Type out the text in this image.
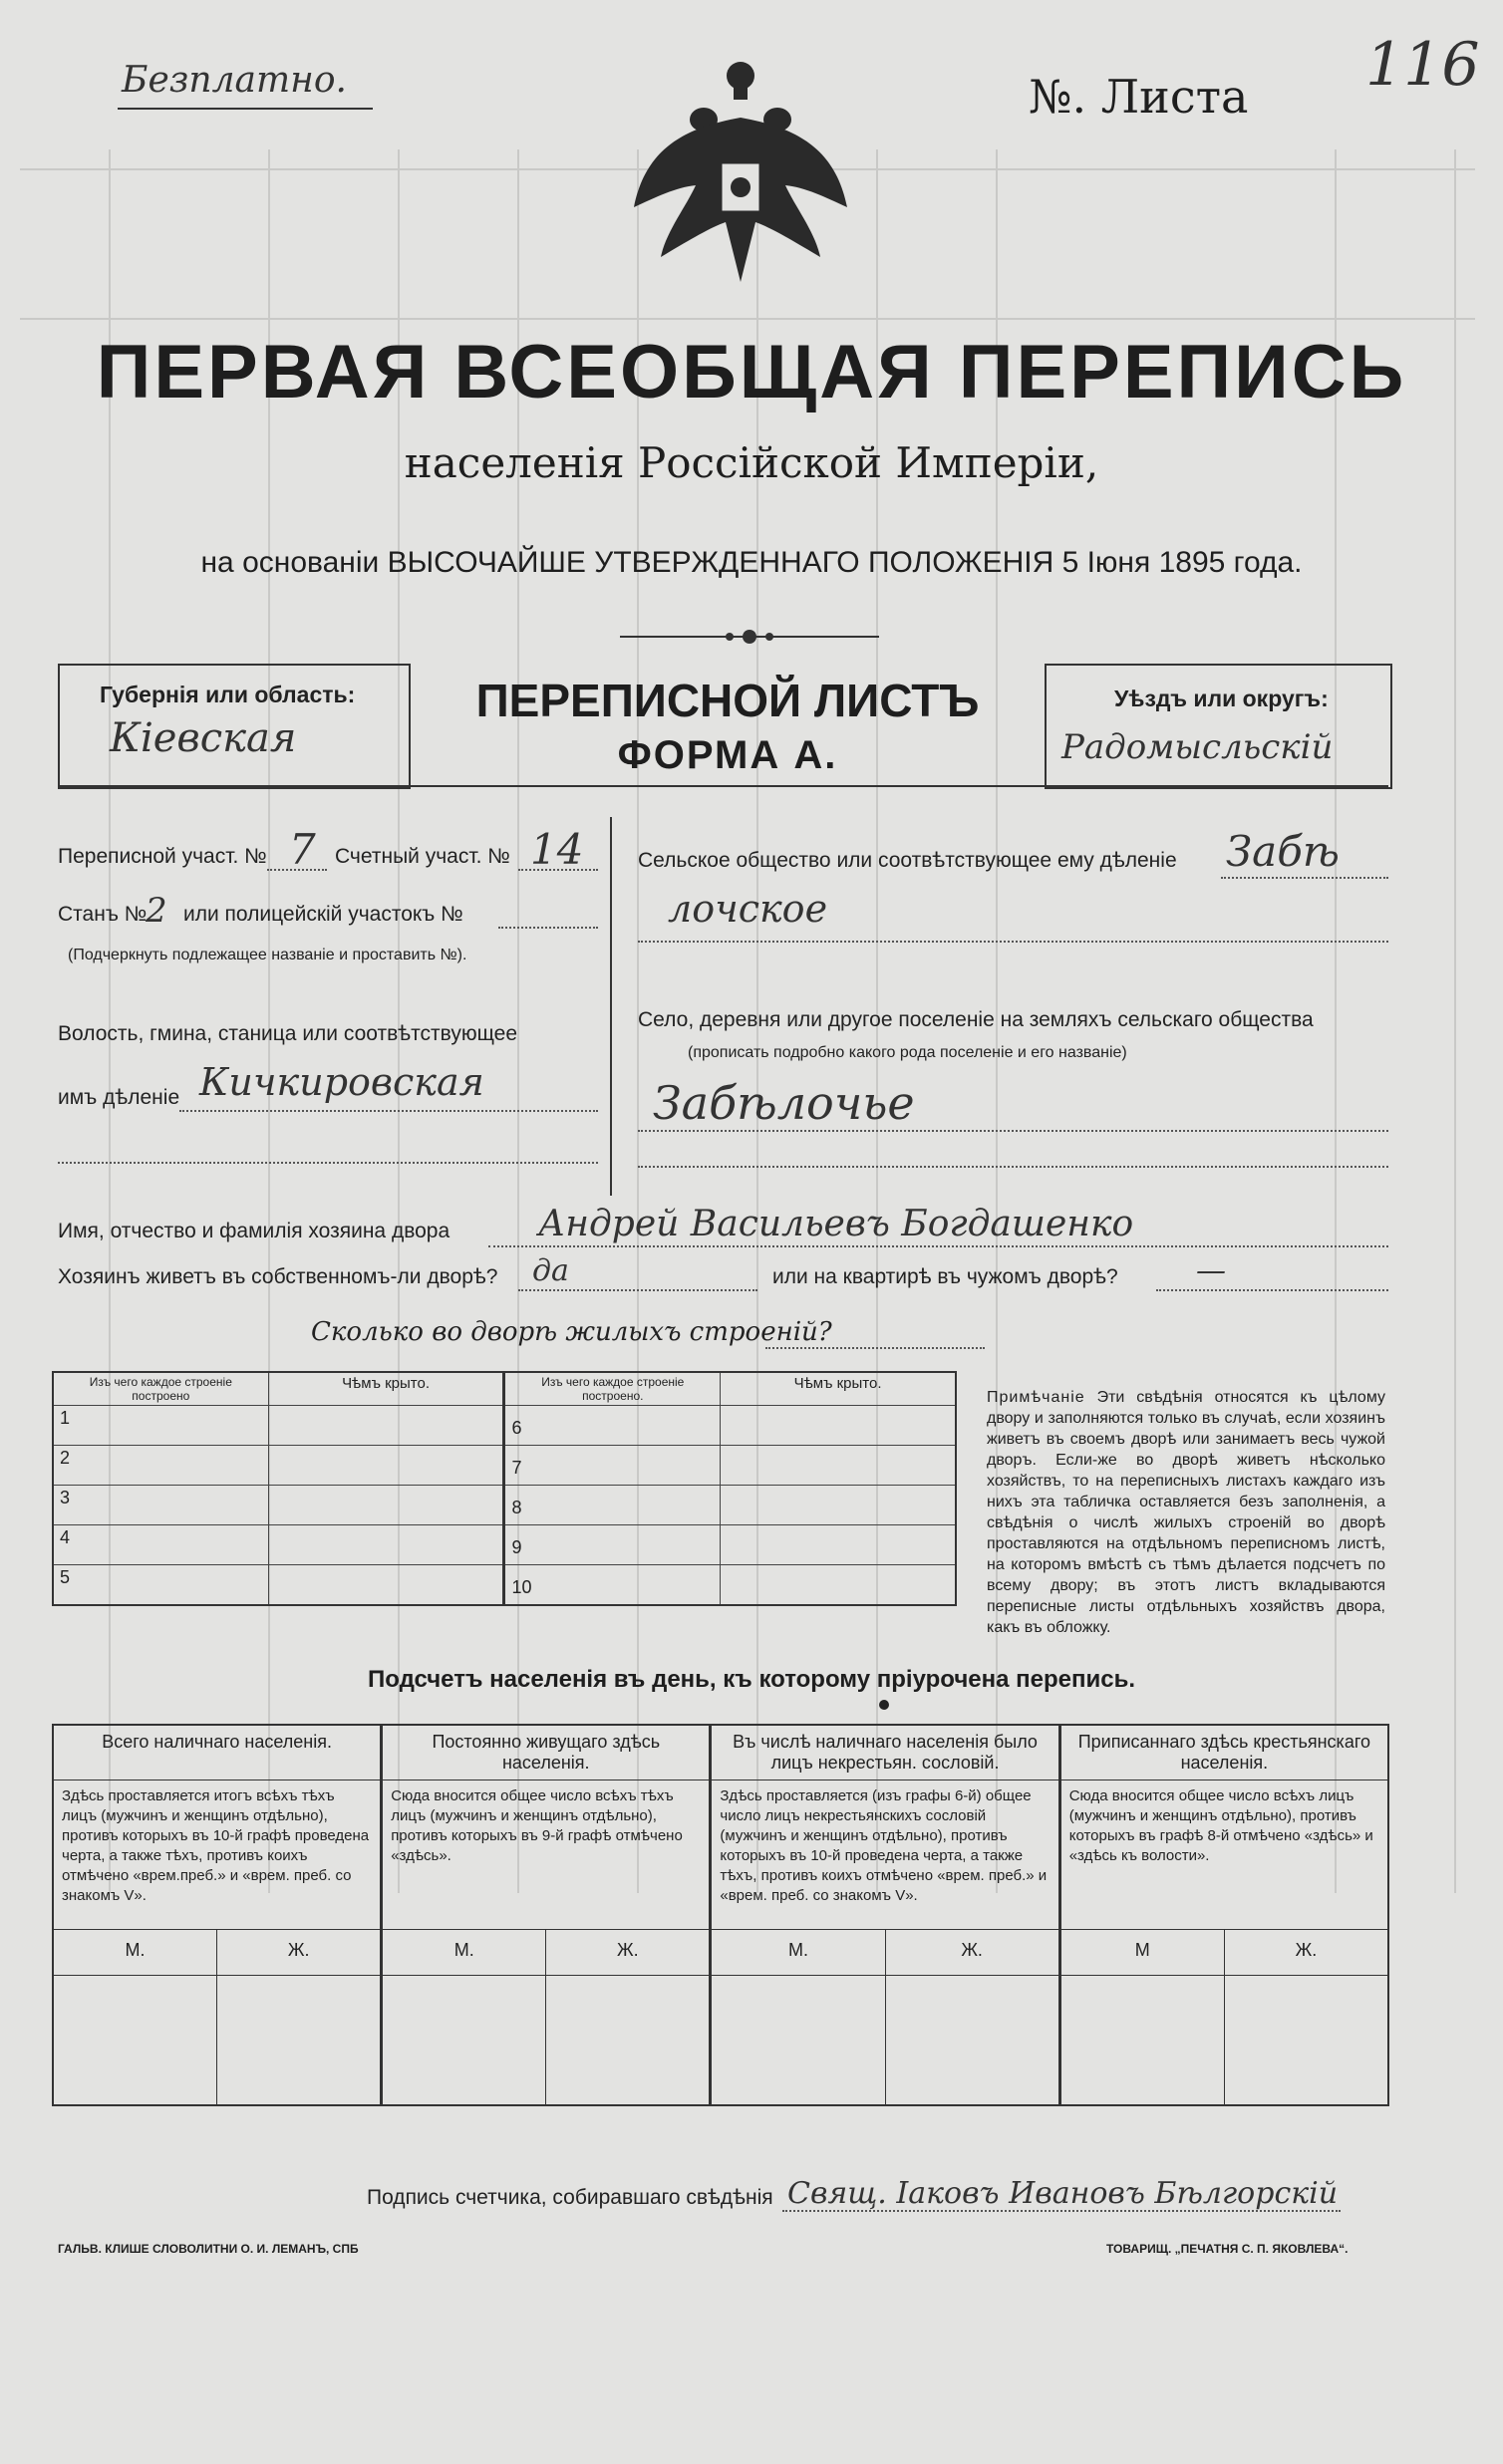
Безплатно.	№. Листа 116
ПЕРВАЯ ВСЕОБЩАЯ ПЕРЕПИСЬ
населенія Россійской Имперіи,
на основаніи ВЫСОЧАЙШЕ УТВЕРЖДЕННАГО ПОЛОЖЕНІЯ 5 Іюня 1895 года.
Губернія или область:
Кіевская
ПЕРЕПИСНОЙ ЛИСТЪ
ФОРМА А.
Уѣздъ или округъ:
Радомысльскій
Переписной участ. № 7 Счетный участ. № 14
Станъ №
2 или полицейскій участокъ №
(Подчеркнуть подлежащее названіе и проставить №).
Волость, гмина, станица или соотвѣтствующее
имъ дѣленіе Кичкировская
Сельское общество или соотвѣтствующее ему дѣленіе Забѣ
лочское
Село, деревня или другое поселеніе на земляхъ сельскаго общества
(прописать подробно какого рода поселеніе и его названіе)
Забѣлочье
Имя, отчество и фамилія хозяина двора Андрей Васильевъ Богдашенко
Хозяинъ живетъ въ собственномъ-ли дворѣ? да	или на квартирѣ въ чужомъ дворѣ?	—
Сколько во дворѣ жилыхъ строеній?
Изъ чего каждое строеніе построено	Чѣмъ крыто.	Изъ чего каждое строеніе построено.	Чѣмъ крыто.
1		6	
2		7	
3		8	
4		9	
5		10	
Примѣчаніе Эти свѣдѣнія относятся къ цѣлому двору и заполняются только въ случаѣ, если хозяинъ живетъ въ своемъ дворѣ или занимаетъ весь чужой дворъ. Если-же во дворѣ живетъ нѣсколько хозяйствъ, то на переписныхъ листахъ каждаго изъ нихъ эта табличка оставляется безъ заполненія, а свѣдѣнія о числѣ жилыхъ строеній во дворѣ проставляются на отдѣльномъ переписномъ листѣ, на которомъ вмѣстѣ съ тѣмъ дѣлается подсчетъ по всему двору; въ этотъ листъ вкладываются переписные листы отдѣльныхъ хозяйствъ двора, какъ въ обложку.
Подсчетъ населенія въ день, къ которому пріурочена перепись.
Всего наличнаго населенія.		Постоянно живущаго здѣсь населенія.		Въ числѣ наличнаго населенія было лицъ некрестьян. сословій.		Приписаннаго здѣсь крестьянскаго населенія.	
Здѣсь проставляется итогъ всѣхъ тѣхъ лицъ (мужчинъ и женщинъ отдѣльно), противъ которыхъ въ 10-й графѣ проведена черта, а также тѣхъ, противъ коихъ отмѣчено «врем.преб.» и «врем. преб. со знакомъ V».		Сюда вносится общее число всѣхъ тѣхъ лицъ (мужчинъ и женщинъ отдѣльно), противъ которыхъ въ 9-й графѣ отмѣчено «здѣсь».		Здѣсь проставляется (изъ графы 6-й) общее число лицъ некрестьянскихъ сословій (мужчинъ и женщинъ отдѣльно), противъ которыхъ въ 10-й проведена черта, а также тѣхъ, противъ коихъ отмѣчено «врем. преб.» и «врем. преб. со знакомъ V».		Сюда вносится общее число всѣхъ лицъ (мужчинъ и женщинъ отдѣльно), противъ которыхъ въ графѣ 8-й отмѣчено «здѣсь» и «здѣсь къ волости».	
М.	Ж.	М.	Ж.	М.	Ж.	М	Ж.

Подпись счетчика, собиравшаго свѣдѣнія Свящ. Іаковъ Ивановъ Бѣлгорскій
ГАЛЬВ. КЛИШЕ СЛОВОЛИТНИ О. И. ЛЕМАНЪ, СПБ	ТОВАРИЩ. „ПЕЧАТНЯ С. П. ЯКОВЛЕВА“.
